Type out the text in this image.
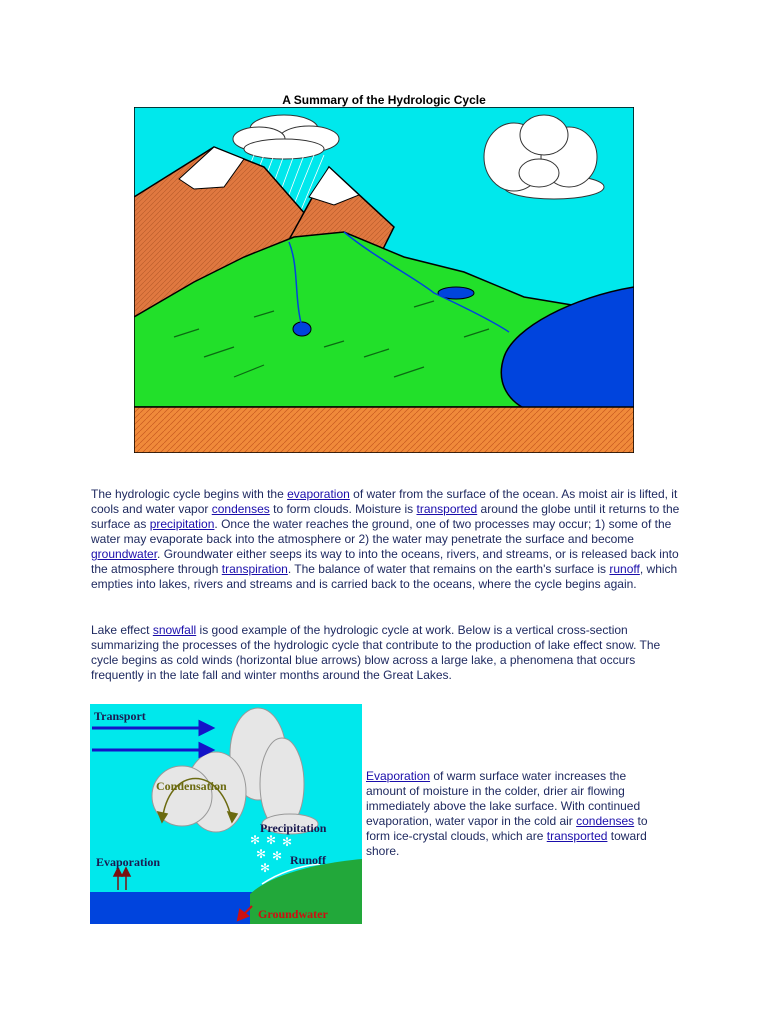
A Summary of the Hydrologic Cycle

The hydrologic cycle begins with the evaporation of water from the surface of the ocean. As moist air is lifted, it cools and water vapor condenses to form clouds. Moisture is transported around the globe until it returns to the surface as precipitation. Once the water reaches the ground, one of two processes may occur; 1) some of the water may evaporate back into the atmosphere or 2) the water may penetrate the surface and become groundwater. Groundwater either seeps its way to into the oceans, rivers, and streams, or is released back into the atmosphere through transpiration. The balance of water that remains on the earth's surface is runoff, which empties into lakes, rivers and streams and is carried back to the oceans, where the cycle begins again.

Lake effect snowfall is good example of the hydrologic cycle at work. Below is a vertical cross-section summarizing the processes of the hydrologic cycle that contribute to the production of lake effect snow. The cycle begins as cold winds (horizontal blue arrows) blow across a large lake, a phenomena that occurs frequently in the late fall and winter months around the Great Lakes.

✻ ✻ ✻
✻ ✻
✻
Transport
Condensation
Precipitation
Evaporation	Runoff
Groundwater

Evaporation of warm surface water increases the amount of moisture in the colder, drier air flowing immediately above the lake surface. With continued evaporation, water vapor in the cold air condenses to form ice-crystal clouds, which are transported toward shore.
